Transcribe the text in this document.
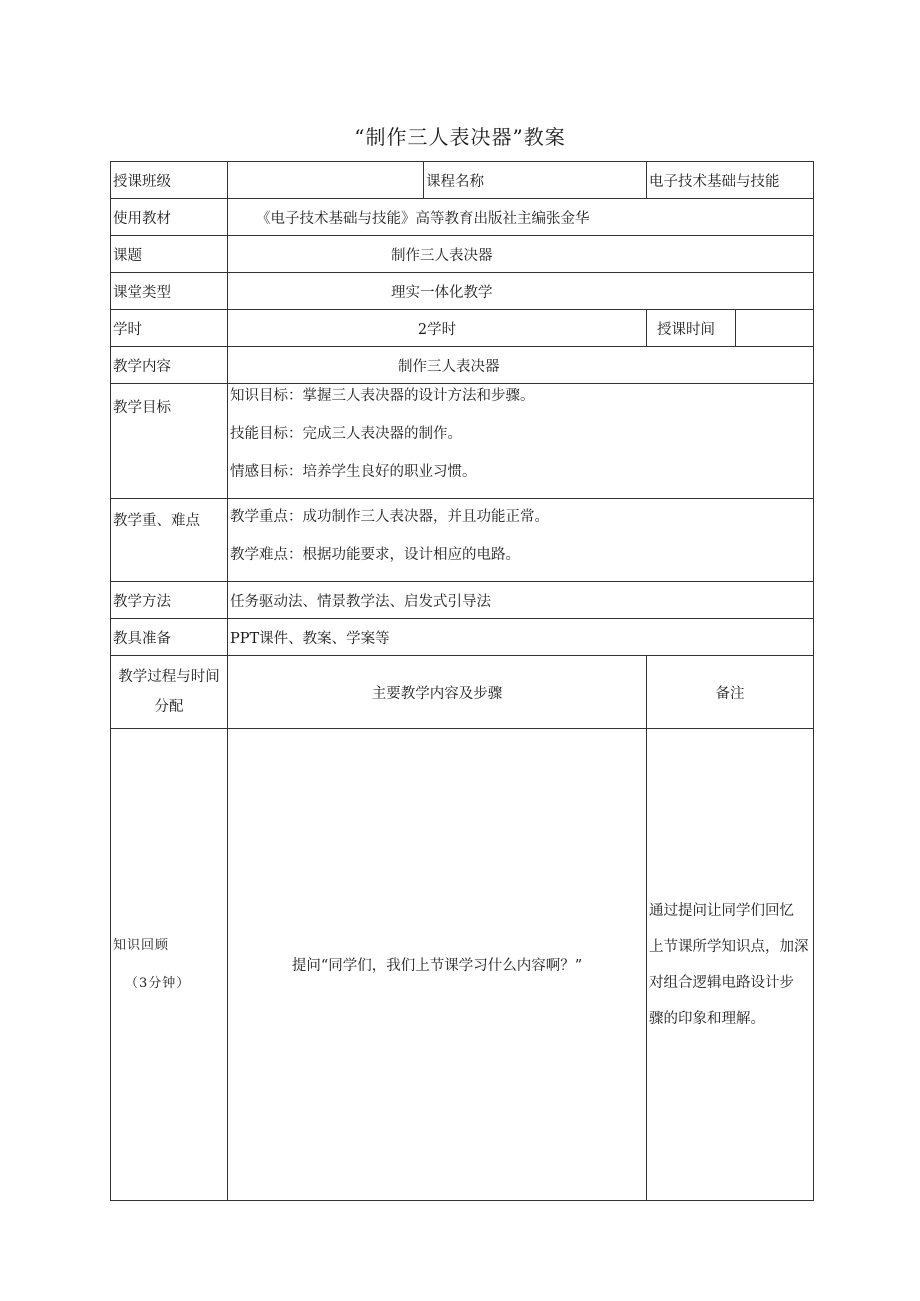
“制作三人表决器”教案
授课班级		课程名称	电子技术基础与技能	
使用教材	《电子技术基础与技能》高等教育出版社主编张金华			
课题	制作三人表决器			
课堂类型	理实一体化教学			
学时	2学时		授课时间	
教学内容	制作三人表决器			
教学目标	知识目标：掌握三人表决器的设计方法和步骤。
技能目标：完成三人表决器的制作。
情感目标：培养学生良好的职业习惯。			

教学重、难点	教学重点：成功制作三人表决器，并且功能正常。
教学难点：根据功能要求，设计相应的电路。			

教学方法	任务驱动法、情景教学法、启发式引导法			
教具准备	PPT课件、教案、学案等			

教学过程与时间
分配	主要教学内容及步骤		备注	

知识回顾
（3分钟）	提问“同学们，我们上节课学习什么内容啊？”		通过提问让同学们回忆
上节课所学知识点，加深
对组合逻辑电路设计步
骤的印象和理解。	
